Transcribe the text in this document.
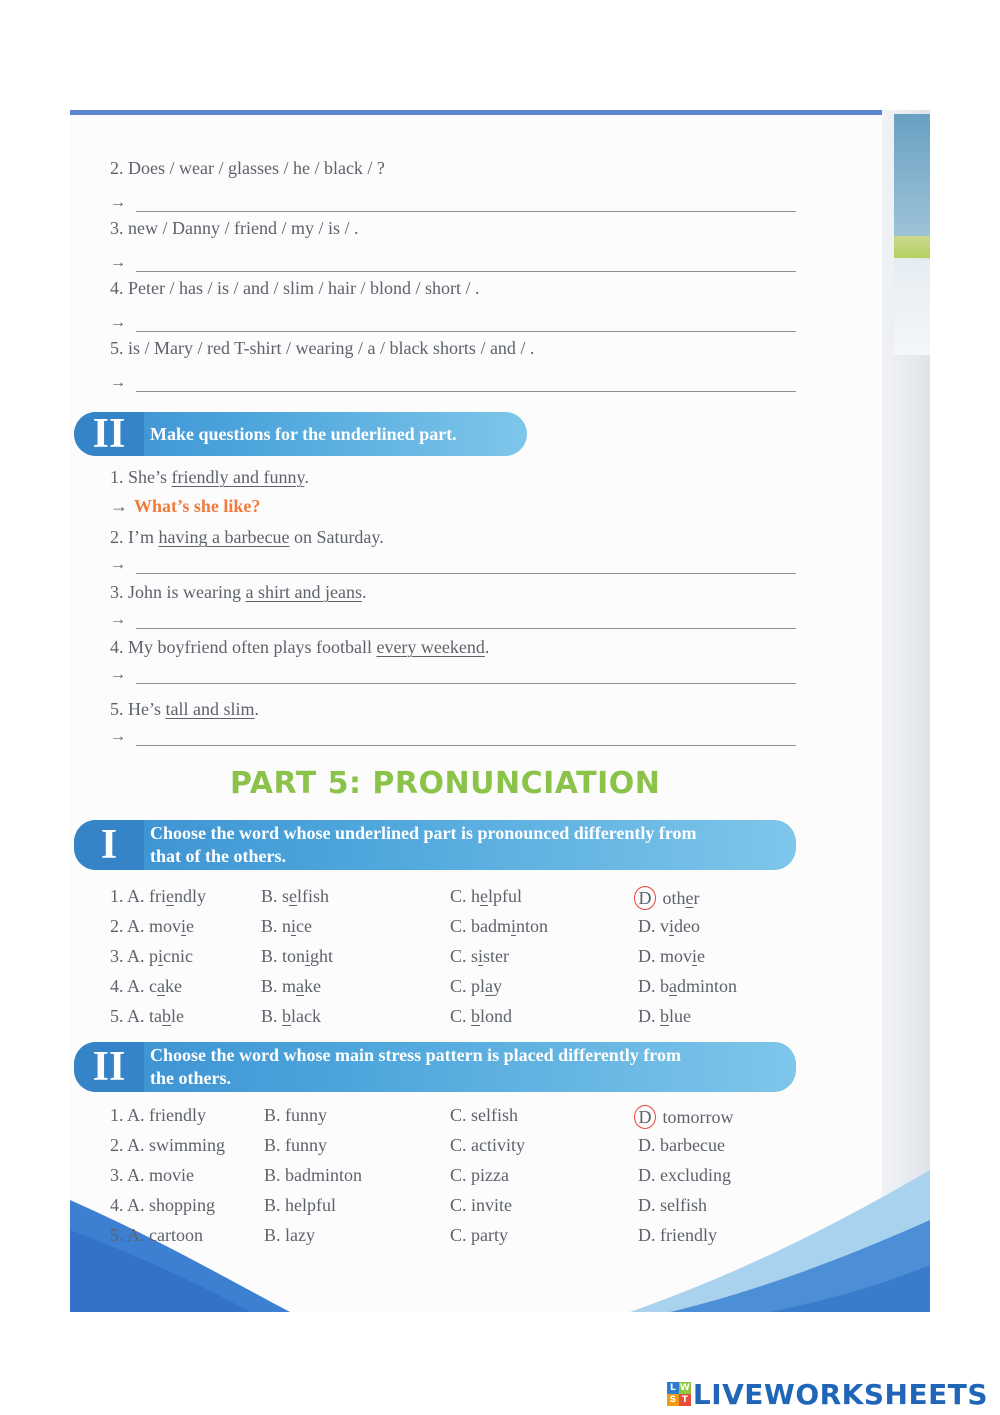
2. Does / wear / glasses / he / black / ?
→
3. new / Danny / friend / my / is / .
→
4. Peter / has / is / and / slim / hair / blond / short / .
→
5. is / Mary / red T-shirt / wearing / a / black shorts / and / .
→
II	Make questions for the underlined part.
1. She’s friendly and funny.
→ What’s she like?
2. I’m having a barbecue on Saturday.
→
3. John is wearing a shirt and jeans.
→
4. My boyfriend often plays football every weekend.
→
5. He’s tall and slim.
→
PART 5: PRONUNCIATION
I	Choose the word whose underlined part is pronounced differently from
that of the others.
1. A. friendly	B. selfish	C. helpful	D other
2. A. movie	B. nice	C. badminton	D. video
3. A. picnic	B. tonight	C. sister	D. movie
4. A. cake	B. make	C. play	D. badminton
5. A. table	B. black	C. blond	D. blue
II	Choose the word whose main stress pattern is placed differently from
the others.
1. A. friendly	B. funny	C. selfish	D tomorrow
2. A. swimming B. funny	C. activity	D. barbecue
3. A. movie	B. badminton	C. pizza	D. excluding
4. A. shopping	B. helpful	C. invite	D. selfish
5. A. cartoon	B. lazy	C. party	D. friendly
L W
S T LIVEWORKSHEETS
